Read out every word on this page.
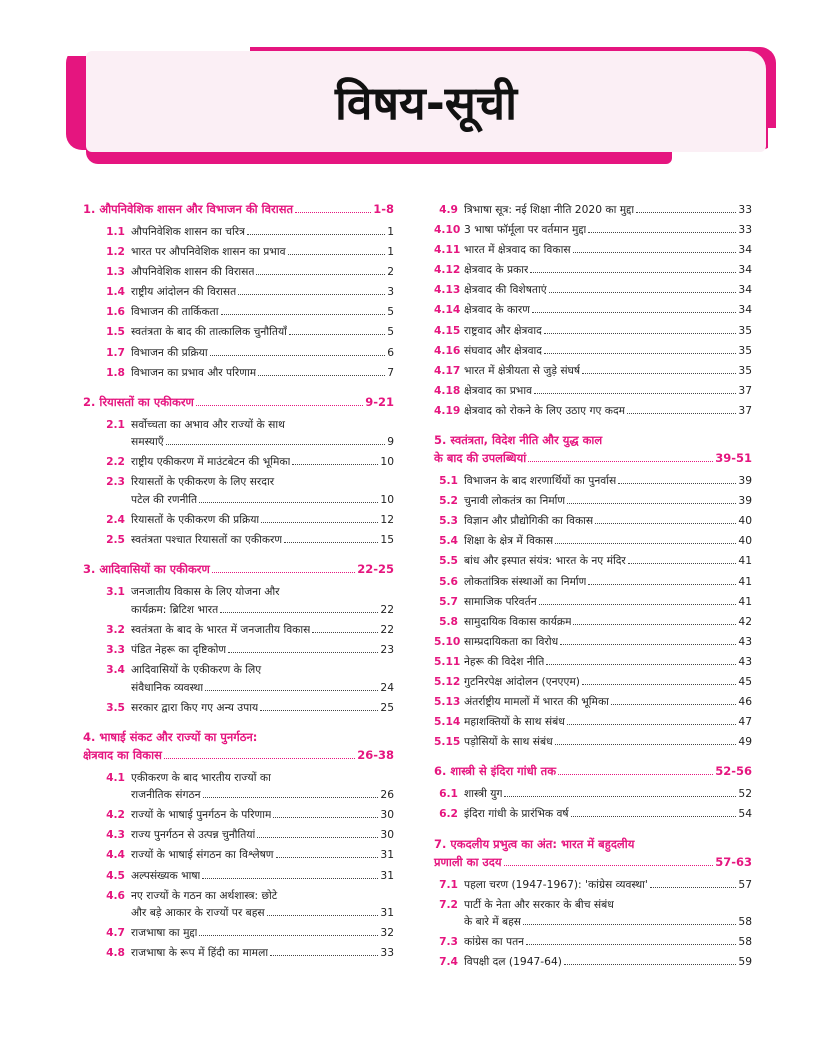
विषय-सूची
1. औपनिवेशिक शासन और विभाजन की विरासत	1-8
1.1 औपनिवेशिक शासन का चरित्र	1
1.2 भारत पर औपनिवेशिक शासन का प्रभाव	1
1.3 औपनिवेशिक शासन की विरासत	2
1.4 राष्ट्रीय आंदोलन की विरासत	3
1.6 विभाजन की तार्किकता	5
1.5 स्वतंत्रता के बाद की तात्कालिक चुनौतियाँ	5
1.7 विभाजन की प्रक्रिया	6
1.8 विभाजन का प्रभाव और परिणाम	7
2. रियासतों का एकीकरण	9-21
2.1 सर्वोच्चता का अभाव और राज्यों के साथ
समस्याएँ	9
2.2 राष्ट्रीय एकीकरण में माउंटबेटन की भूमिका	10
2.3 रियासतों के एकीकरण के लिए सरदार
पटेल की रणनीति	10
2.4 रियासतों के एकीकरण की प्रक्रिया	12
2.5 स्वतंत्रता पश्चात रियासतों का एकीकरण	15
3. आदिवासियों का एकीकरण	22-25
3.1 जनजातीय विकास के लिए योजना और
कार्यक्रम: ब्रिटिश भारत	22
3.2 स्वतंत्रता के बाद के भारत में जनजातीय विकास	22
3.3 पंडित नेहरू का दृष्टिकोण	23
3.4 आदिवासियों के एकीकरण के लिए
संवैधानिक व्यवस्था	24
3.5 सरकार द्वारा किए गए अन्य उपाय	25
4. भाषाई संकट और राज्यों का पुनर्गठन:
क्षेत्रवाद का विकास	26-38
4.1 एकीकरण के बाद भारतीय राज्यों का
राजनीतिक संगठन	26
4.2 राज्यों के भाषाई पुनर्गठन के परिणाम	30
4.3 राज्य पुनर्गठन से उत्पन्न चुनौतियां	30
4.4 राज्यों के भाषाई संगठन का विश्लेषण	31
4.5 अल्पसंख्यक भाषा	31
4.6 नए राज्यों के गठन का अर्थशास्त्र: छोटे
और बड़े आकार के राज्यों पर बहस	31
4.7 राजभाषा का मुद्दा	32
4.8 राजभाषा के रूप में हिंदी का मामला	33
4.9 त्रिभाषा सूत्र: नई शिक्षा नीति 2020 का मुद्दा	33
4.10 3 भाषा फॉर्मूला पर वर्तमान मुद्दा	33
4.11 भारत में क्षेत्रवाद का विकास	34
4.12 क्षेत्रवाद के प्रकार	34
4.13 क्षेत्रवाद की विशेषताएं	34
4.14 क्षेत्रवाद के कारण	34
4.15 राष्ट्रवाद और क्षेत्रवाद	35
4.16 संघवाद और क्षेत्रवाद	35
4.17 भारत में क्षेत्रीयता से जुड़े संघर्ष	35
4.18 क्षेत्रवाद का प्रभाव	37
4.19 क्षेत्रवाद को रोकने के लिए उठाए गए कदम	37
5. स्वतंत्रता, विदेश नीति और युद्ध काल
के बाद की उपलब्धियां	39-51
5.1 विभाजन के बाद शरणार्थियों का पुनर्वास	39
5.2 चुनावी लोकतंत्र का निर्माण	39
5.3 विज्ञान और प्रौद्योगिकी का विकास	40
5.4 शिक्षा के क्षेत्र में विकास	40
5.5 बांध और इस्पात संयंत्र: भारत के नए मंदिर	41
5.6 लोकतांत्रिक संस्थाओं का निर्माण	41
5.7 सामाजिक परिवर्तन	41
5.8 सामुदायिक विकास कार्यक्रम	42
5.10 साम्प्रदायिकता का विरोध	43
5.11 नेहरू की विदेश नीति	43
5.12 गुटनिरपेक्ष आंदोलन (एनएएम)	45
5.13 अंतर्राष्ट्रीय मामलों में भारत की भूमिका	46
5.14 महाशक्तियों के साथ संबंध	47
5.15 पड़ोसियों के साथ संबंध	49
6. शास्त्री से इंदिरा गांधी तक	52-56
6.1 शास्त्री युग	52
6.2 इंदिरा गांधी के प्रारंभिक वर्ष	54
7. एकदलीय प्रभुत्व का अंत: भारत में बहुदलीय
प्रणाली का उदय	57-63
7.1 पहला चरण (1947-1967): 'कांग्रेस व्यवस्था'	57
7.2 पार्टी के नेता और सरकार के बीच संबंध
के बारे में बहस	58
7.3 कांग्रेस का पतन	58
7.4 विपक्षी दल (1947-64)	59
